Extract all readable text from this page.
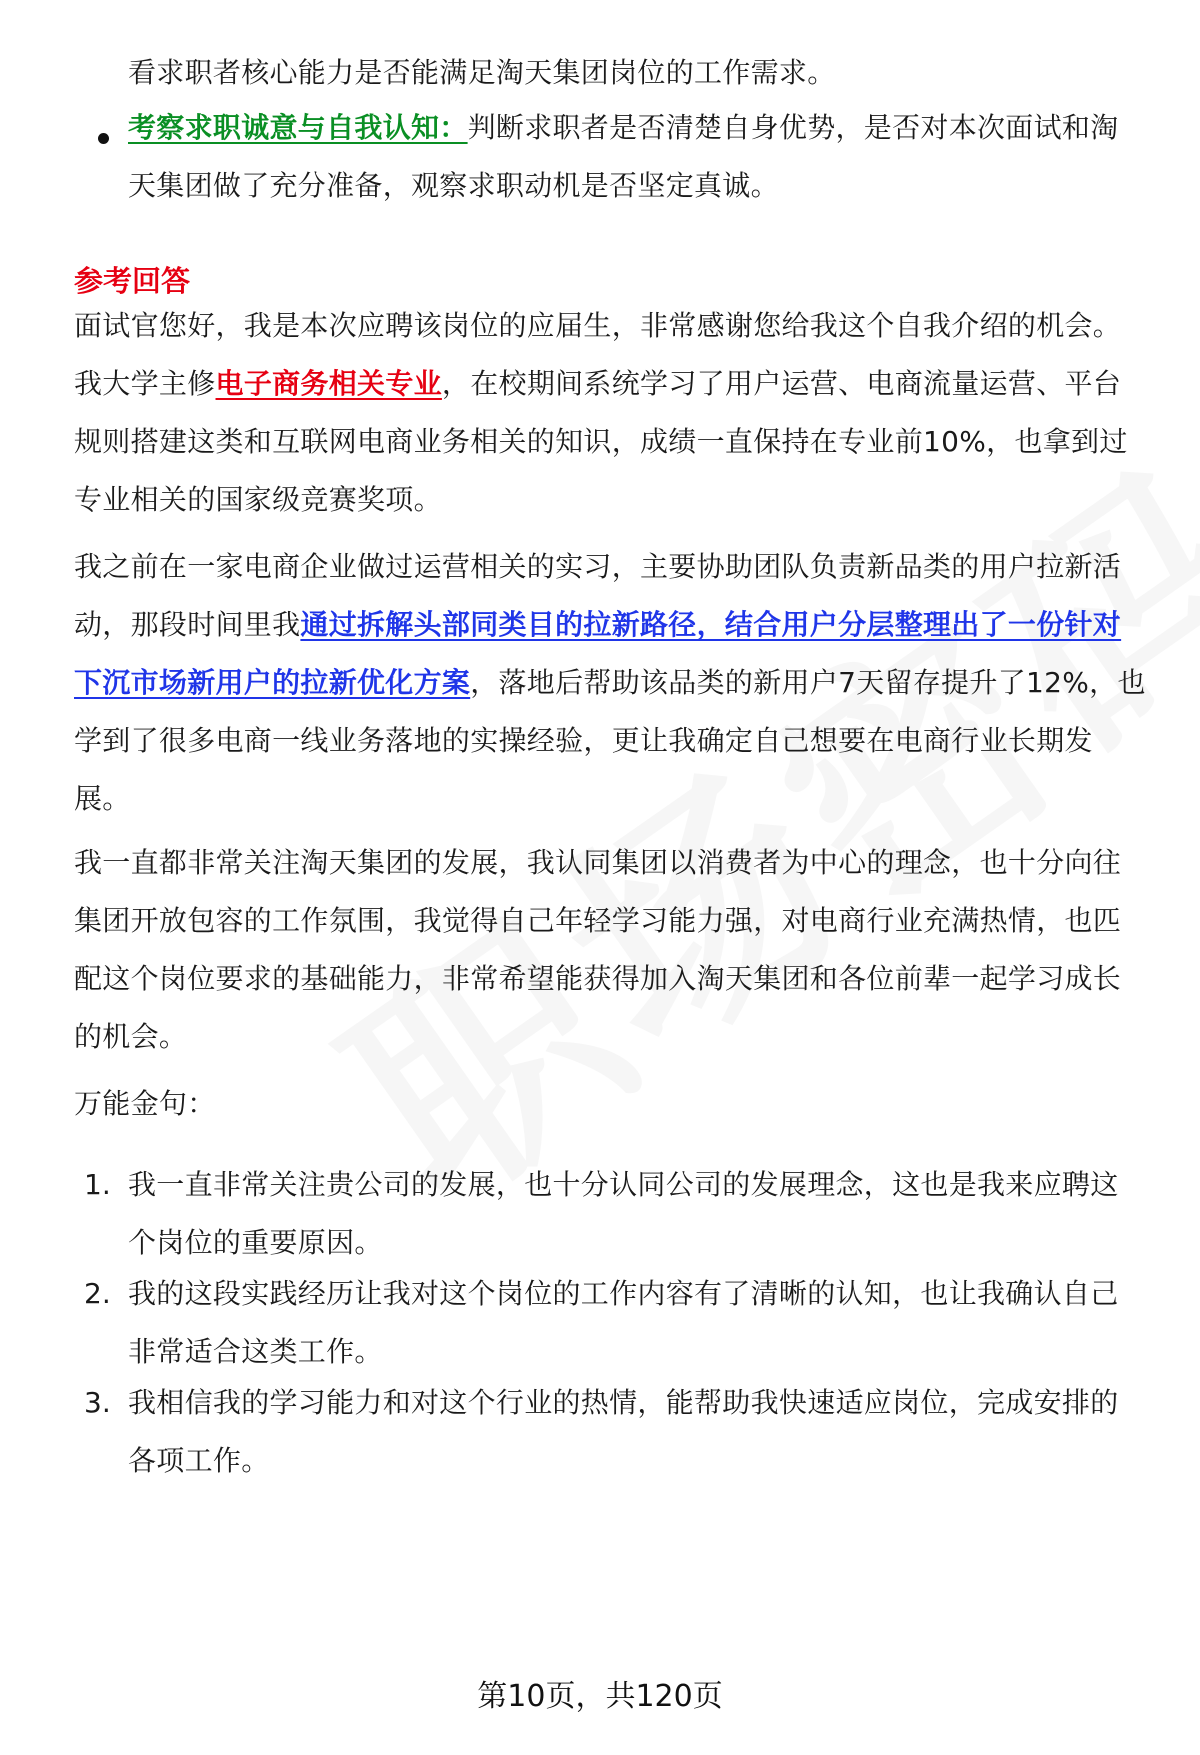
看求职者核心能力是否能满足淘天集团岗位的工作需求。

考察求职诚意与自我认知：判断求职者是否清楚自身优势，是否对本次面试和淘天集团做了充分准备，观察求职动机是否坚定真诚。

参考回答

面试官您好，我是本次应聘该岗位的应届生，非常感谢您给我这个自我介绍的机会。我大学主修电子商务相关专业，在校期间系统学习了用户运营、电商流量运营、平台规则搭建这类和互联网电商业务相关的知识，成绩一直保持在专业前10%，也拿到过专业相关的国家级竞赛奖项。

我之前在一家电商企业做过运营相关的实习，主要协助团队负责新品类的用户拉新活动，那段时间里我通过拆解头部同类目的拉新路径，结合用户分层整理出了一份针对下沉市场新用户的拉新优化方案，落地后帮助该品类的新用户7天留存提升了12%，也学到了很多电商一线业务落地的实操经验，更让我确定自己想要在电商行业长期发展。

我一直都非常关注淘天集团的发展，我认同集团以消费者为中心的理念，也十分向往集团开放包容的工作氛围，我觉得自己年轻学习能力强，对电商行业充满热情，也匹配这个岗位要求的基础能力，非常希望能获得加入淘天集团和各位前辈一起学习成长的机会。

万能金句：

1. 我一直非常关注贵公司的发展，也十分认同公司的发展理念，这也是我来应聘这个岗位的重要原因。

2. 我的这段实践经历让我对这个岗位的工作内容有了清晰的认知，也让我确认自己非常适合这类工作。

3. 我相信我的学习能力和对这个行业的热情，能帮助我快速适应岗位，完成安排的各项工作。

第10页，共120页
